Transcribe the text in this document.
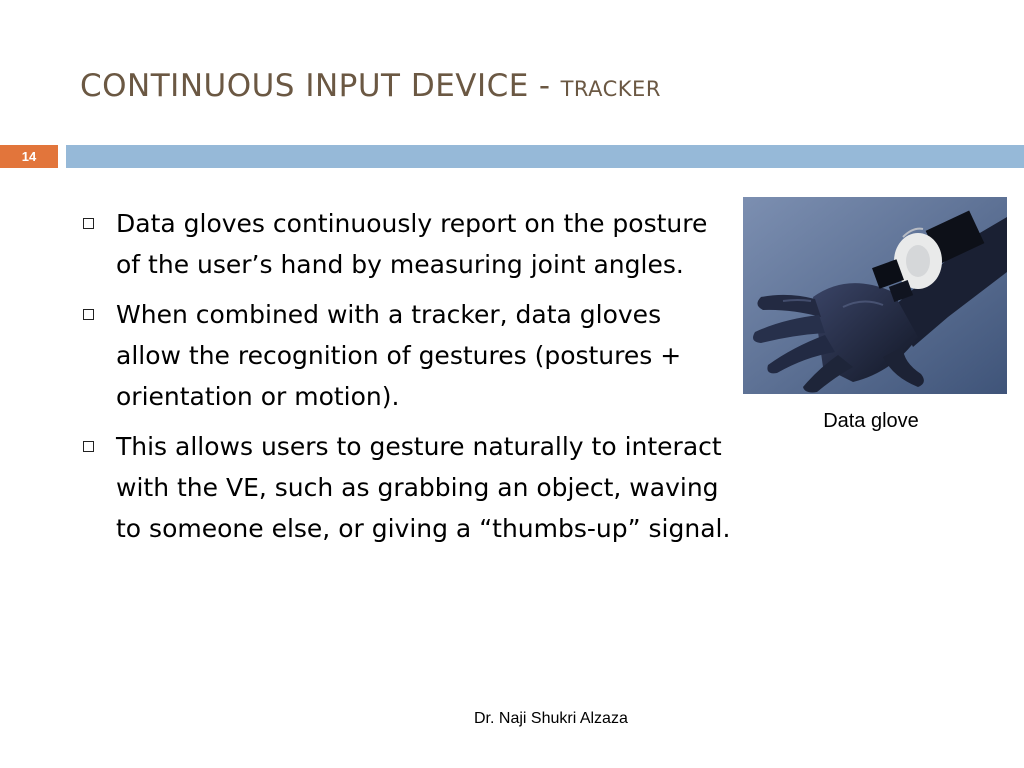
CONTINUOUS INPUT DEVICE - TRACKER
14
Data gloves continuously report on the posture of the user’s hand by measuring joint angles.
When combined with a tracker, data gloves allow the recognition of gestures (postures + orientation or motion).
This allows users to gesture naturally to interact with the VE, such as grabbing an object, waving to someone else, or giving a “thumbs-up” signal.
Data glove
Dr. Naji Shukri Alzaza
